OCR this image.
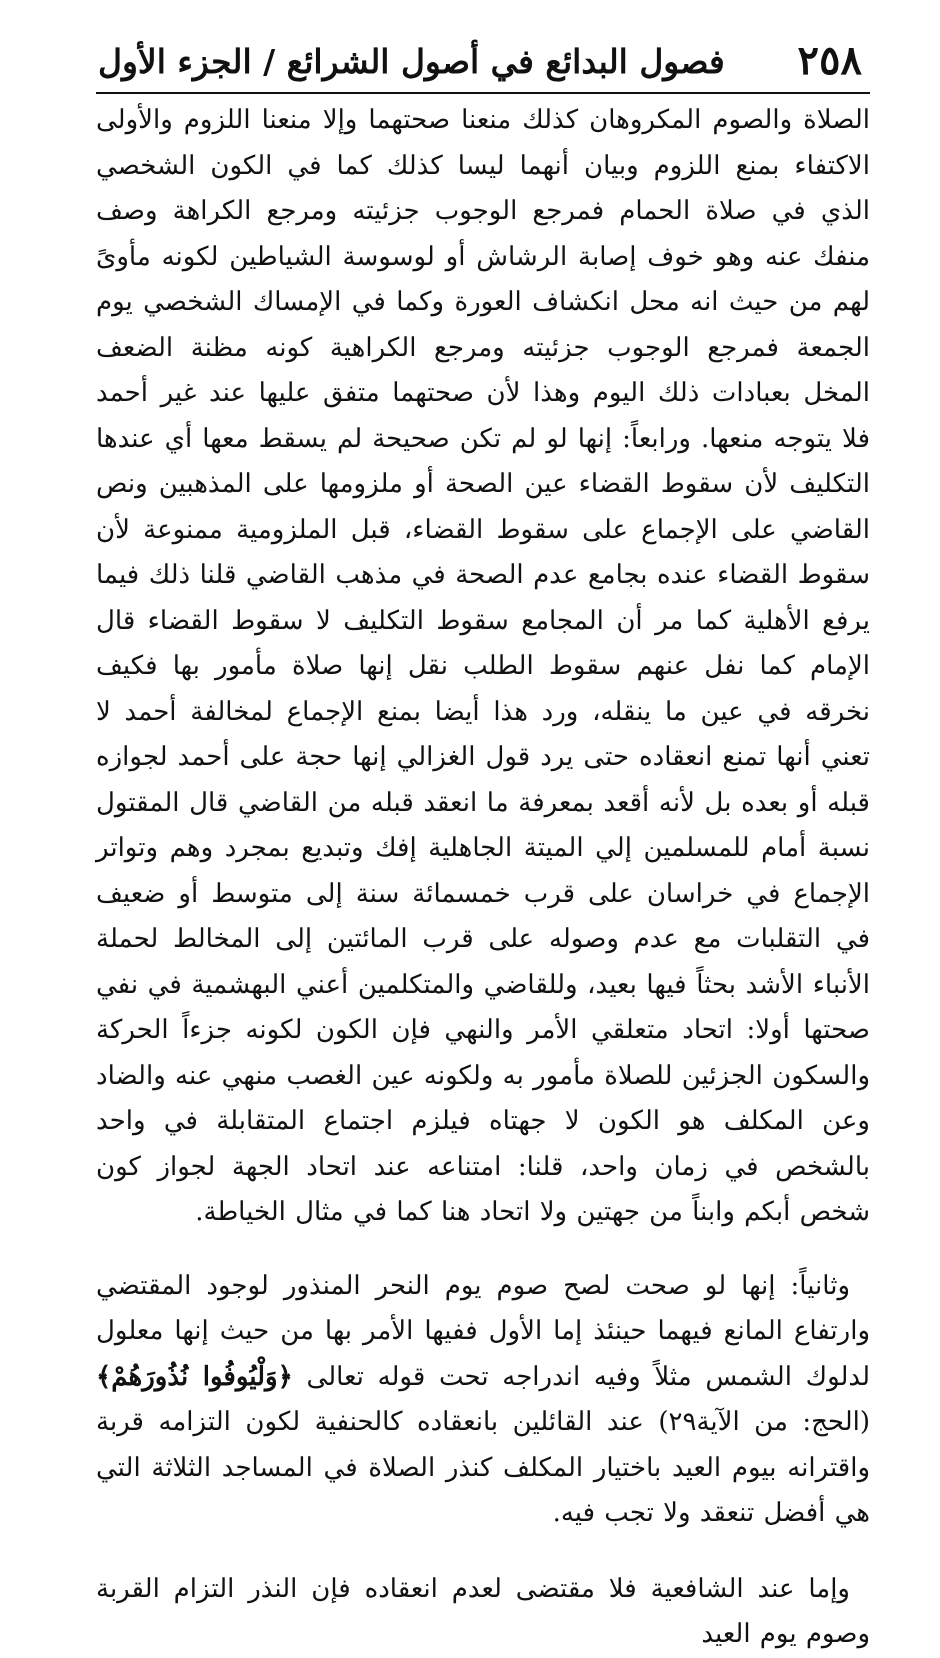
٢٥٨
فصول البدائع في أصول الشرائع / الجزء الأول

الصلاة والصوم المكروهان كذلك منعنا صحتهما وإلا منعنا اللزوم والأولى الاكتفاء بمنع اللزوم وبيان أنهما ليسا كذلك كما في الكون الشخصي الذي في صلاة الحمام فمرجع الوجوب جزئيته ومرجع الكراهة وصف منفك عنه وهو خوف إصابة الرشاش أو لوسوسة الشياطين لكونه مأوىً لهم من حيث انه محل انكشاف العورة وكما في الإمساك الشخصي يوم الجمعة فمرجع الوجوب جزئيته ومرجع الكراهية كونه مظنة الضعف المخل بعبادات ذلك اليوم وهذا لأن صحتهما متفق عليها عند غير أحمد فلا يتوجه منعها. ورابعاً: إنها لو لم تكن صحيحة لم يسقط معها أي عندها التكليف لأن سقوط القضاء عين الصحة أو ملزومها على المذهبين ونص القاضي على الإجماع على سقوط القضاء، قبل الملزومية ممنوعة لأن سقوط القضاء عنده بجامع عدم الصحة في مذهب القاضي قلنا ذلك فيما يرفع الأهلية كما مر أن المجامع سقوط التكليف لا سقوط القضاء قال الإمام كما نفل عنهم سقوط الطلب نقل إنها صلاة مأمور بها فكيف نخرقه في عين ما ينقله، ورد هذا أيضا بمنع الإجماع لمخالفة أحمد لا تعني أنها تمنع انعقاده حتى يرد قول الغزالي إنها حجة على أحمد لجوازه قبله أو بعده بل لأنه أقعد بمعرفة ما انعقد قبله من القاضي قال المقتول نسبة أمام للمسلمين إلي الميتة الجاهلية إفك وتبديع بمجرد وهم وتواتر الإجماع في خراسان على قرب خمسمائة سنة إلى متوسط أو ضعيف في التقلبات مع عدم وصوله على قرب المائتين إلى المخالط لحملة الأنباء الأشد بحثاً فيها بعيد، وللقاضي والمتكلمين أعني البهشمية في نفي صحتها أولا: اتحاد متعلقي الأمر والنهي فإن الكون لكونه جزءاً الحركة والسكون الجزئين للصلاة مأمور به ولكونه عين الغصب منهي عنه والضاد وعن المكلف هو الكون لا جهتاه فيلزم اجتماع المتقابلة في واحد بالشخص في زمان واحد، قلنا: امتناعه عند اتحاد الجهة لجواز كون شخص أبكم وابناً من جهتين ولا اتحاد هنا كما في مثال الخياطة.

وثانياً: إنها لو صحت لصح صوم يوم النحر المنذور لوجود المقتضي وارتفاع المانع فيهما حينئذ إما الأول ففيها الأمر بها من حيث إنها معلول لدلوك الشمس مثلاً وفيه اندراجه تحت قوله تعالى ﴿وَلْيُوفُوا نُذُورَهُمْ﴾ (الحج: من الآية٢٩) عند القائلين بانعقاده كالحنفية لكون التزامه قربة واقترانه بيوم العيد باختيار المكلف كنذر الصلاة في المساجد الثلاثة التي هي أفضل تنعقد ولا تجب فيه.

وإما عند الشافعية فلا مقتضى لعدم انعقاده فإن النذر التزام القربة وصوم يوم العيد
